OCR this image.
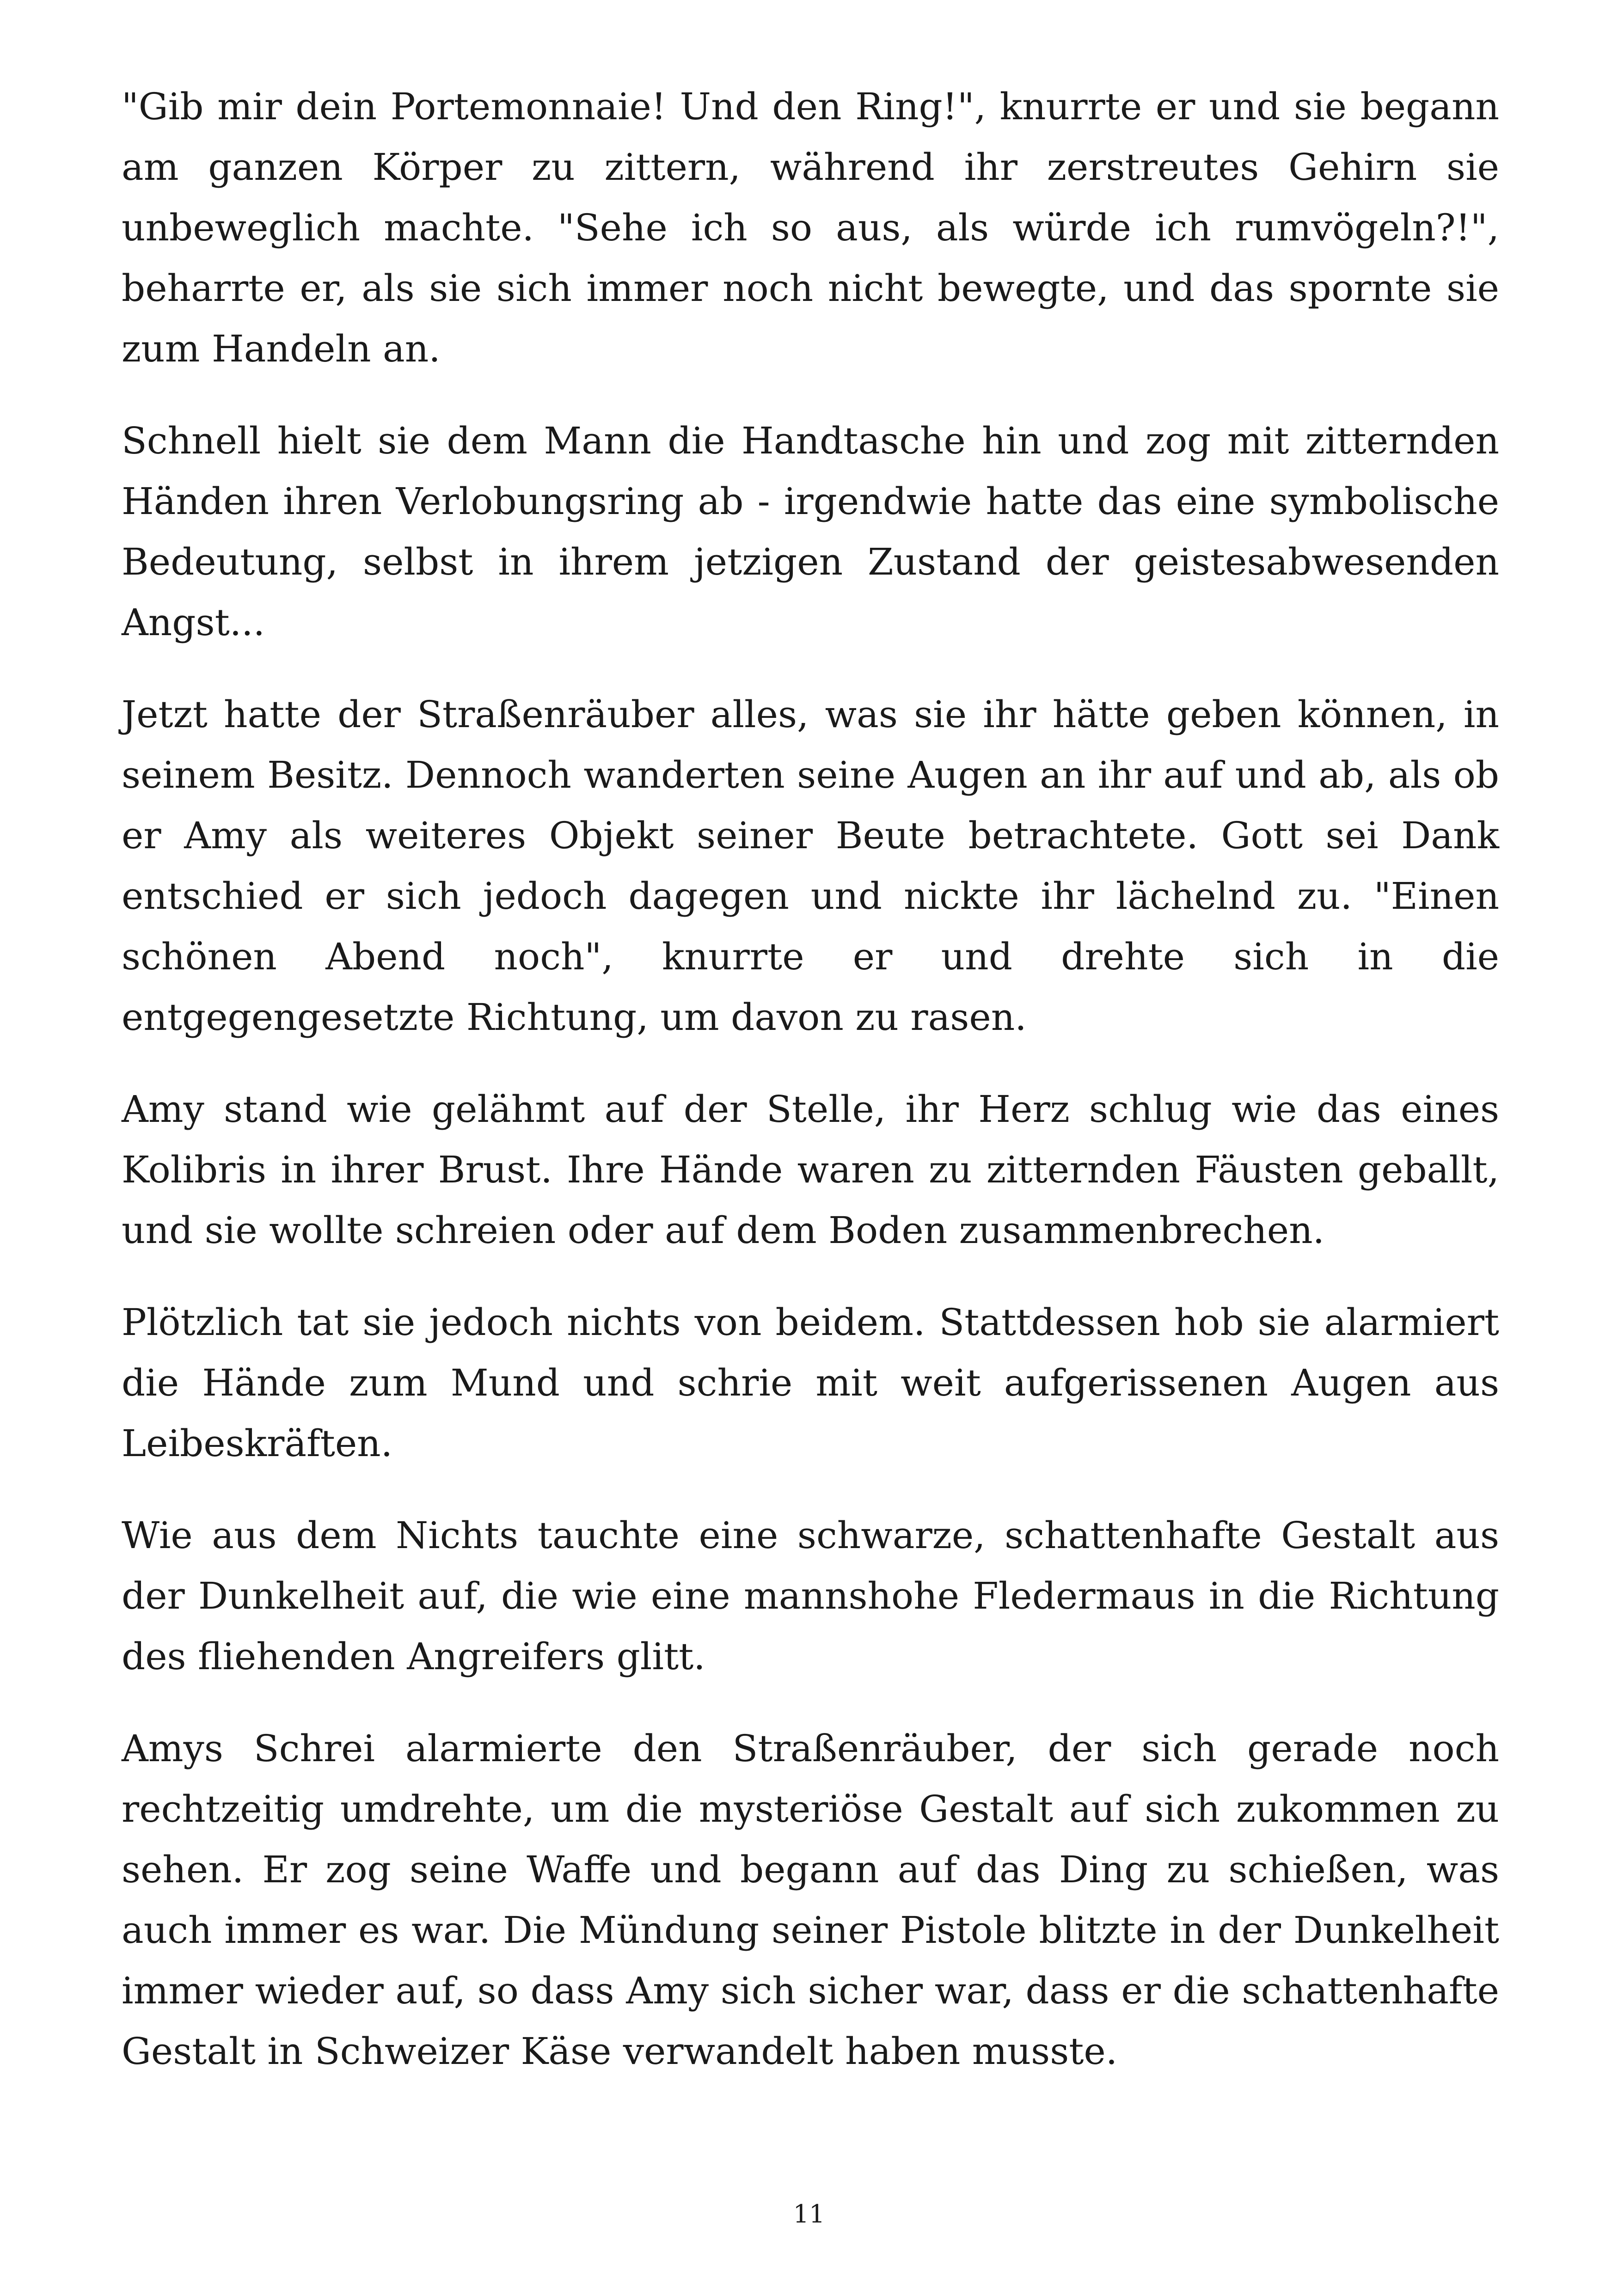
"Gib mir dein Portemonnaie! Und den Ring!", knurrte er und sie begann am ganzen Körper zu zittern, während ihr zerstreutes Gehirn sie unbeweglich machte. "Sehe ich so aus, als würde ich rumvögeln?!", beharrte er, als sie sich immer noch nicht bewegte, und das spornte sie zum Handeln an.

Schnell hielt sie dem Mann die Handtasche hin und zog mit zitternden Händen ihren Verlobungsring ab - irgendwie hatte das eine symbolische Bedeutung, selbst in ihrem jetzigen Zustand der geistesabwesenden Angst...

Jetzt hatte der Straßenräuber alles, was sie ihr hätte geben können, in seinem Besitz. Dennoch wanderten seine Augen an ihr auf und ab, als ob er Amy als weiteres Objekt seiner Beute betrachtete. Gott sei Dank entschied er sich jedoch dagegen und nickte ihr lächelnd zu. "Einen schönen Abend noch", knurrte er und drehte sich in die entgegengesetzte Richtung, um davon zu rasen.

Amy stand wie gelähmt auf der Stelle, ihr Herz schlug wie das eines Kolibris in ihrer Brust. Ihre Hände waren zu zitternden Fäusten geballt, und sie wollte schreien oder auf dem Boden zusammenbrechen.

Plötzlich tat sie jedoch nichts von beidem. Stattdessen hob sie alarmiert die Hände zum Mund und schrie mit weit aufgerissenen Augen aus Leibeskräften.

Wie aus dem Nichts tauchte eine schwarze, schattenhafte Gestalt aus der Dunkelheit auf, die wie eine mannshohe Fledermaus in die Richtung des fliehenden Angreifers glitt.

Amys Schrei alarmierte den Straßenräuber, der sich gerade noch rechtzeitig umdrehte, um die mysteriöse Gestalt auf sich zukommen zu sehen. Er zog seine Waffe und begann auf das Ding zu schießen, was auch immer es war. Die Mündung seiner Pistole blitzte in der Dunkelheit immer wieder auf, so dass Amy sich sicher war, dass er die schattenhafte Gestalt in Schweizer Käse verwandelt haben musste.

11
